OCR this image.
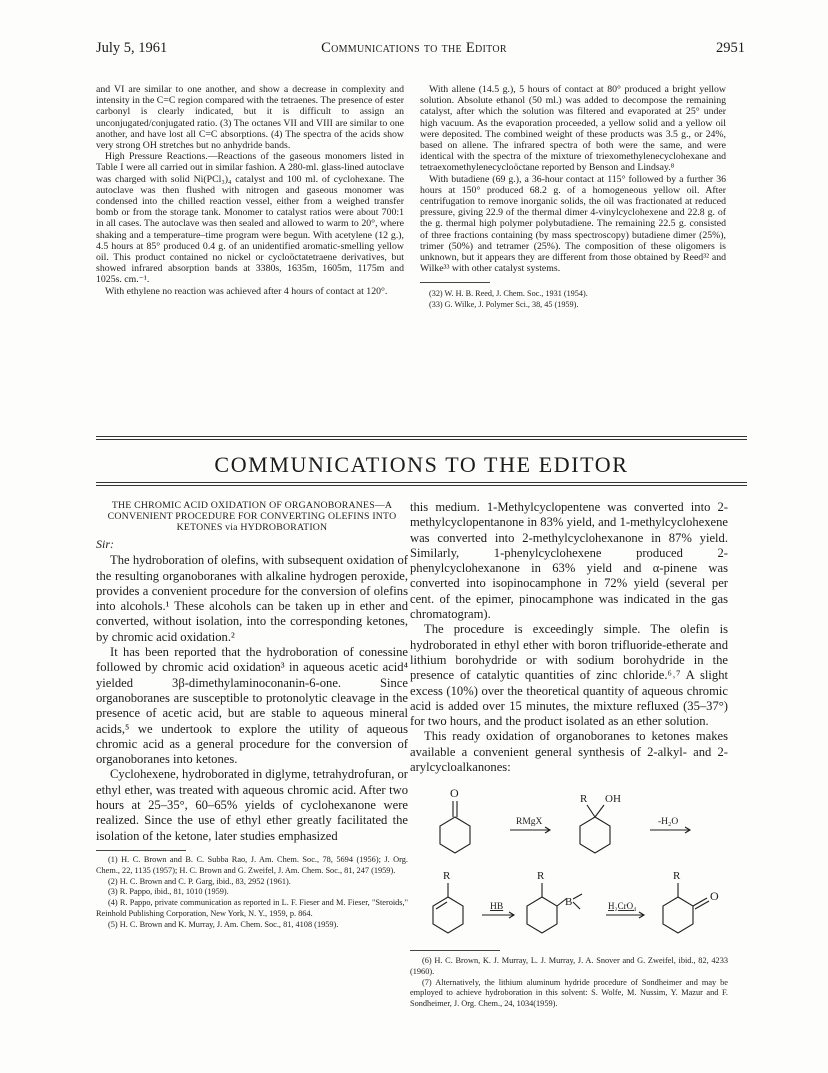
July 5, 1961	Communications to the Editor	2951

and VI are similar to one another, and show a decrease in complexity and intensity in the C=C region compared with the tetraenes. The presence of ester carbonyl is clearly indicated, but it is difficult to assign an unconjugated/conjugated ratio. (3) The octanes VII and VIII are similar to one another, and have lost all C=C absorptions. (4) The spectra of the acids show very strong OH stretches but no anhydride bands.

High Pressure Reactions.—Reactions of the gaseous monomers listed in Table I were all carried out in similar fashion. A 280-ml. glass-lined autoclave was charged with solid Ni(PCl₃)₄ catalyst and 100 ml. of cyclohexane. The autoclave was then flushed with nitrogen and gaseous monomer was condensed into the chilled reaction vessel, either from a weighed transfer bomb or from the storage tank. Monomer to catalyst ratios were about 700:1 in all cases. The autoclave was then sealed and allowed to warm to 20°, where shaking and a temperature–time program were begun. With acetylene (12 g.), 4.5 hours at 85° produced 0.4 g. of an unidentified aromatic-smelling yellow oil. This product contained no nickel or cycloöctatetraene derivatives, but showed infrared absorption bands at 3380s, 1635m, 1605m, 1175m and 1025s. cm.⁻¹.

With ethylene no reaction was achieved after 4 hours of contact at 120°.

With allene (14.5 g.), 5 hours of contact at 80° produced a bright yellow solution. Absolute ethanol (50 ml.) was added to decompose the remaining catalyst, after which the solution was filtered and evaporated at 25° under high vacuum. As the evaporation proceeded, a yellow solid and a yellow oil were deposited. The combined weight of these products was 3.5 g., or 24%, based on allene. The infrared spectra of both were the same, and were identical with the spectra of the mixture of triexomethylenecyclohexane and tetraexomethylenecycloöctane reported by Benson and Lindsay.⁸

With butadiene (69 g.), a 36-hour contact at 115° followed by a further 36 hours at 150° produced 68.2 g. of a homogeneous yellow oil. After centrifugation to remove inorganic solids, the oil was fractionated at reduced pressure, giving 22.9 of the thermal dimer 4-vinylcyclohexene and 22.8 g. of the g. thermal high polymer polybutadiene. The remaining 22.5 g. consisted of three fractions containing (by mass spectroscopy) butadiene dimer (25%), trimer (50%) and tetramer (25%). The composition of these oligomers is unknown, but it appears they are different from those obtained by Reed³² and Wilke³³ with other catalyst systems.

(32) W. H. B. Reed, J. Chem. Soc., 1931 (1954).

(33) G. Wilke, J. Polymer Sci., 38, 45 (1959).

COMMUNICATIONS TO THE EDITOR
THE CHROMIC ACID OXIDATION OF ORGANOBORANES—A CONVENIENT PROCEDURE FOR CONVERTING OLEFINS INTO KETONES via HYDROBORATION
Sir:

The hydroboration of olefins, with subsequent oxidation of the resulting organoboranes with alkaline hydrogen peroxide, provides a convenient procedure for the conversion of olefins into alcohols.¹ These alcohols can be taken up in ether and converted, without isolation, into the corresponding ketones, by chromic acid oxidation.²

It has been reported that the hydroboration of conessine followed by chromic acid oxidation³ in aqueous acetic acid⁴ yielded 3β-dimethylaminoconanin-6-one. Since organoboranes are susceptible to protonolytic cleavage in the presence of acetic acid, but are stable to aqueous mineral acids,⁵ we undertook to explore the utility of aqueous chromic acid as a general procedure for the conversion of organoboranes into ketones.

Cyclohexene, hydroborated in diglyme, tetrahydrofuran, or ethyl ether, was treated with aqueous chromic acid. After two hours at 25–35°, 60–65% yields of cyclohexanone were realized. Since the use of ethyl ether greatly facilitated the isolation of the ketone, later studies emphasized

(1) H. C. Brown and B. C. Subba Rao, J. Am. Chem. Soc., 78, 5694 (1956); J. Org. Chem., 22, 1135 (1957); H. C. Brown and G. Zweifel, J. Am. Chem. Soc., 81, 247 (1959).
(2) H. C. Brown and C. P. Garg, ibid., 83, 2952 (1961).
(3) R. Pappo, ibid., 81, 1010 (1959).
(4) R. Pappo, private communication as reported in L. F. Fieser and M. Fieser, "Steroids," Reinhold Publishing Corporation, New York, N. Y., 1959, p. 864.
(5) H. C. Brown and K. Murray, J. Am. Chem. Soc., 81, 4108 (1959).

this medium. 1-Methylcyclopentene was converted into 2-methylcyclopentanone in 83% yield, and 1-methylcyclohexene was converted into 2-methylcyclohexanone in 87% yield. Similarly, 1-phenylcyclohexene produced 2-phenylcyclohexanone in 63% yield and α-pinene was converted into isopinocamphone in 72% yield (several per cent. of the epimer, pinocamphone was indicated in the gas chromatogram).

The procedure is exceedingly simple. The olefin is hydroborated in ethyl ether with boron trifluoride-etherate and lithium borohydride or with sodium borohydride in the presence of catalytic quantities of zinc chloride.⁶˒⁷ A slight excess (10%) over the theoretical quantity of aqueous chromic acid is added over 15 minutes, the mixture refluxed (35–37°) for two hours, and the product isolated as an ether solution.

This ready oxidation of organoboranes to ketones makes available a convenient general synthesis of 2-alkyl- and 2-arylcycloalkanones:

O	R OH
RMgX	-H₂O
R
HB
R
B	H₂CrO₄
R
O
(6) H. C. Brown, K. J. Murray, L. J. Murray, J. A. Snover and G. Zweifel, ibid., 82, 4233 (1960).
(7) Alternatively, the lithium aluminum hydride procedure of Sondheimer and may be employed to achieve hydroboration in this solvent: S. Wolfe, M. Nussim, Y. Mazur and F. Sondheimer, J. Org. Chem., 24, 1034(1959).
